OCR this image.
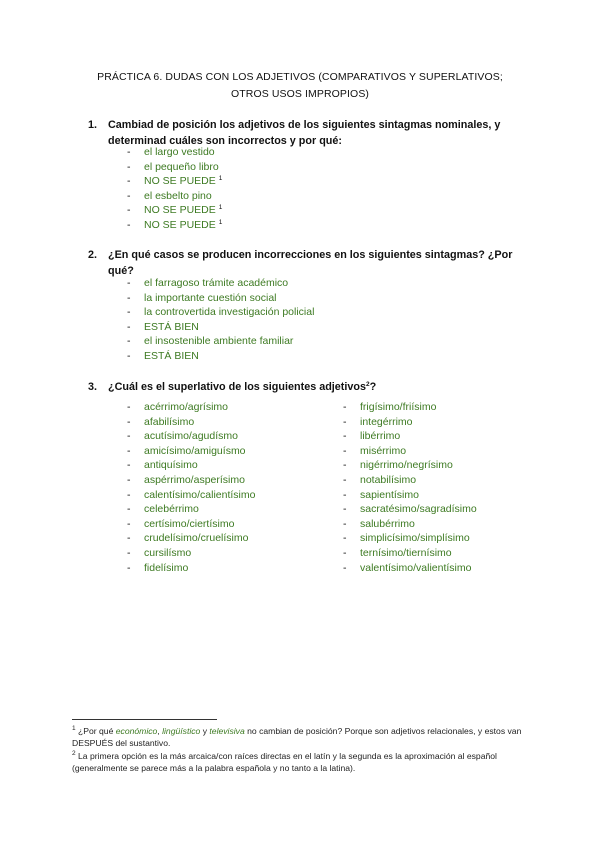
PRÁCTICA 6. DUDAS CON LOS ADJETIVOS (COMPARATIVOS Y SUPERLATIVOS;
OTROS USOS IMPROPIOS)
1. Cambiad de posición los adjetivos de los siguientes sintagmas nominales, y determinad cuáles son incorrectos y por qué:
- el largo vestido
- el pequeño libro
- NO SE PUEDE $^1$
- el esbelto pino
- NO SE PUEDE $^1$
- NO SE PUEDE $^1$
2. ¿En qué casos se producen incorrecciones en los siguientes sintagmas? ¿Por qué?
- el farragoso trámite académico
- la importante cuestión social
- la controvertida investigación policial
- ESTÁ BIEN
- el insostenible ambiente familiar
- ESTÁ BIEN
3. ¿Cuál es el superlativo de los siguientes adjetivos$^2$?
- acérrimo/agrísimo
- afabilísimo
- acutísimo/agudísmo
- amicísimo/amiguísmo
- antiquísimo
- aspérrimo/asperísimo
- calentísimo/calientísimo
- celebérrimo
- certísimo/ciertísimo
- crudelísimo/cruelísimo
- cursilísmo
- fidelísimo
- frigísimo/friísimo
- integérrimo
- libérrimo
- misérrimo
- nigérrimo/negrísimo
- notabilísimo
- sapientísimo
- sacratésimo/sagradísimo
- salubérrimo
- simplicísimo/simplísimo
- ternísimo/tiernísimo
- valentísimo/valientísimo
$^1$ ¿Por qué económico, lingüístico y televisiva no cambian de posición? Porque son adjetivos relacionales, y estos van DESPUÉS del sustantivo.
$^2$ La primera opción es la más arcaica/con raíces directas en el latín y la segunda es la aproximación al español (generalmente se parece más a la palabra española y no tanto a la latina).
